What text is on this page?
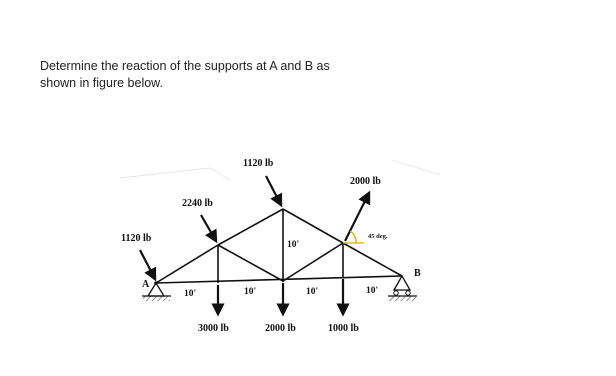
Determine the reaction of the supports at A and B as

shown in figure below.

1120 lb
2240 lb
1120 lb
2000 lb
45 deg.
3000 lb	2000 lb	1000 lb
10'	10'	10'	10'
10'
A
B
